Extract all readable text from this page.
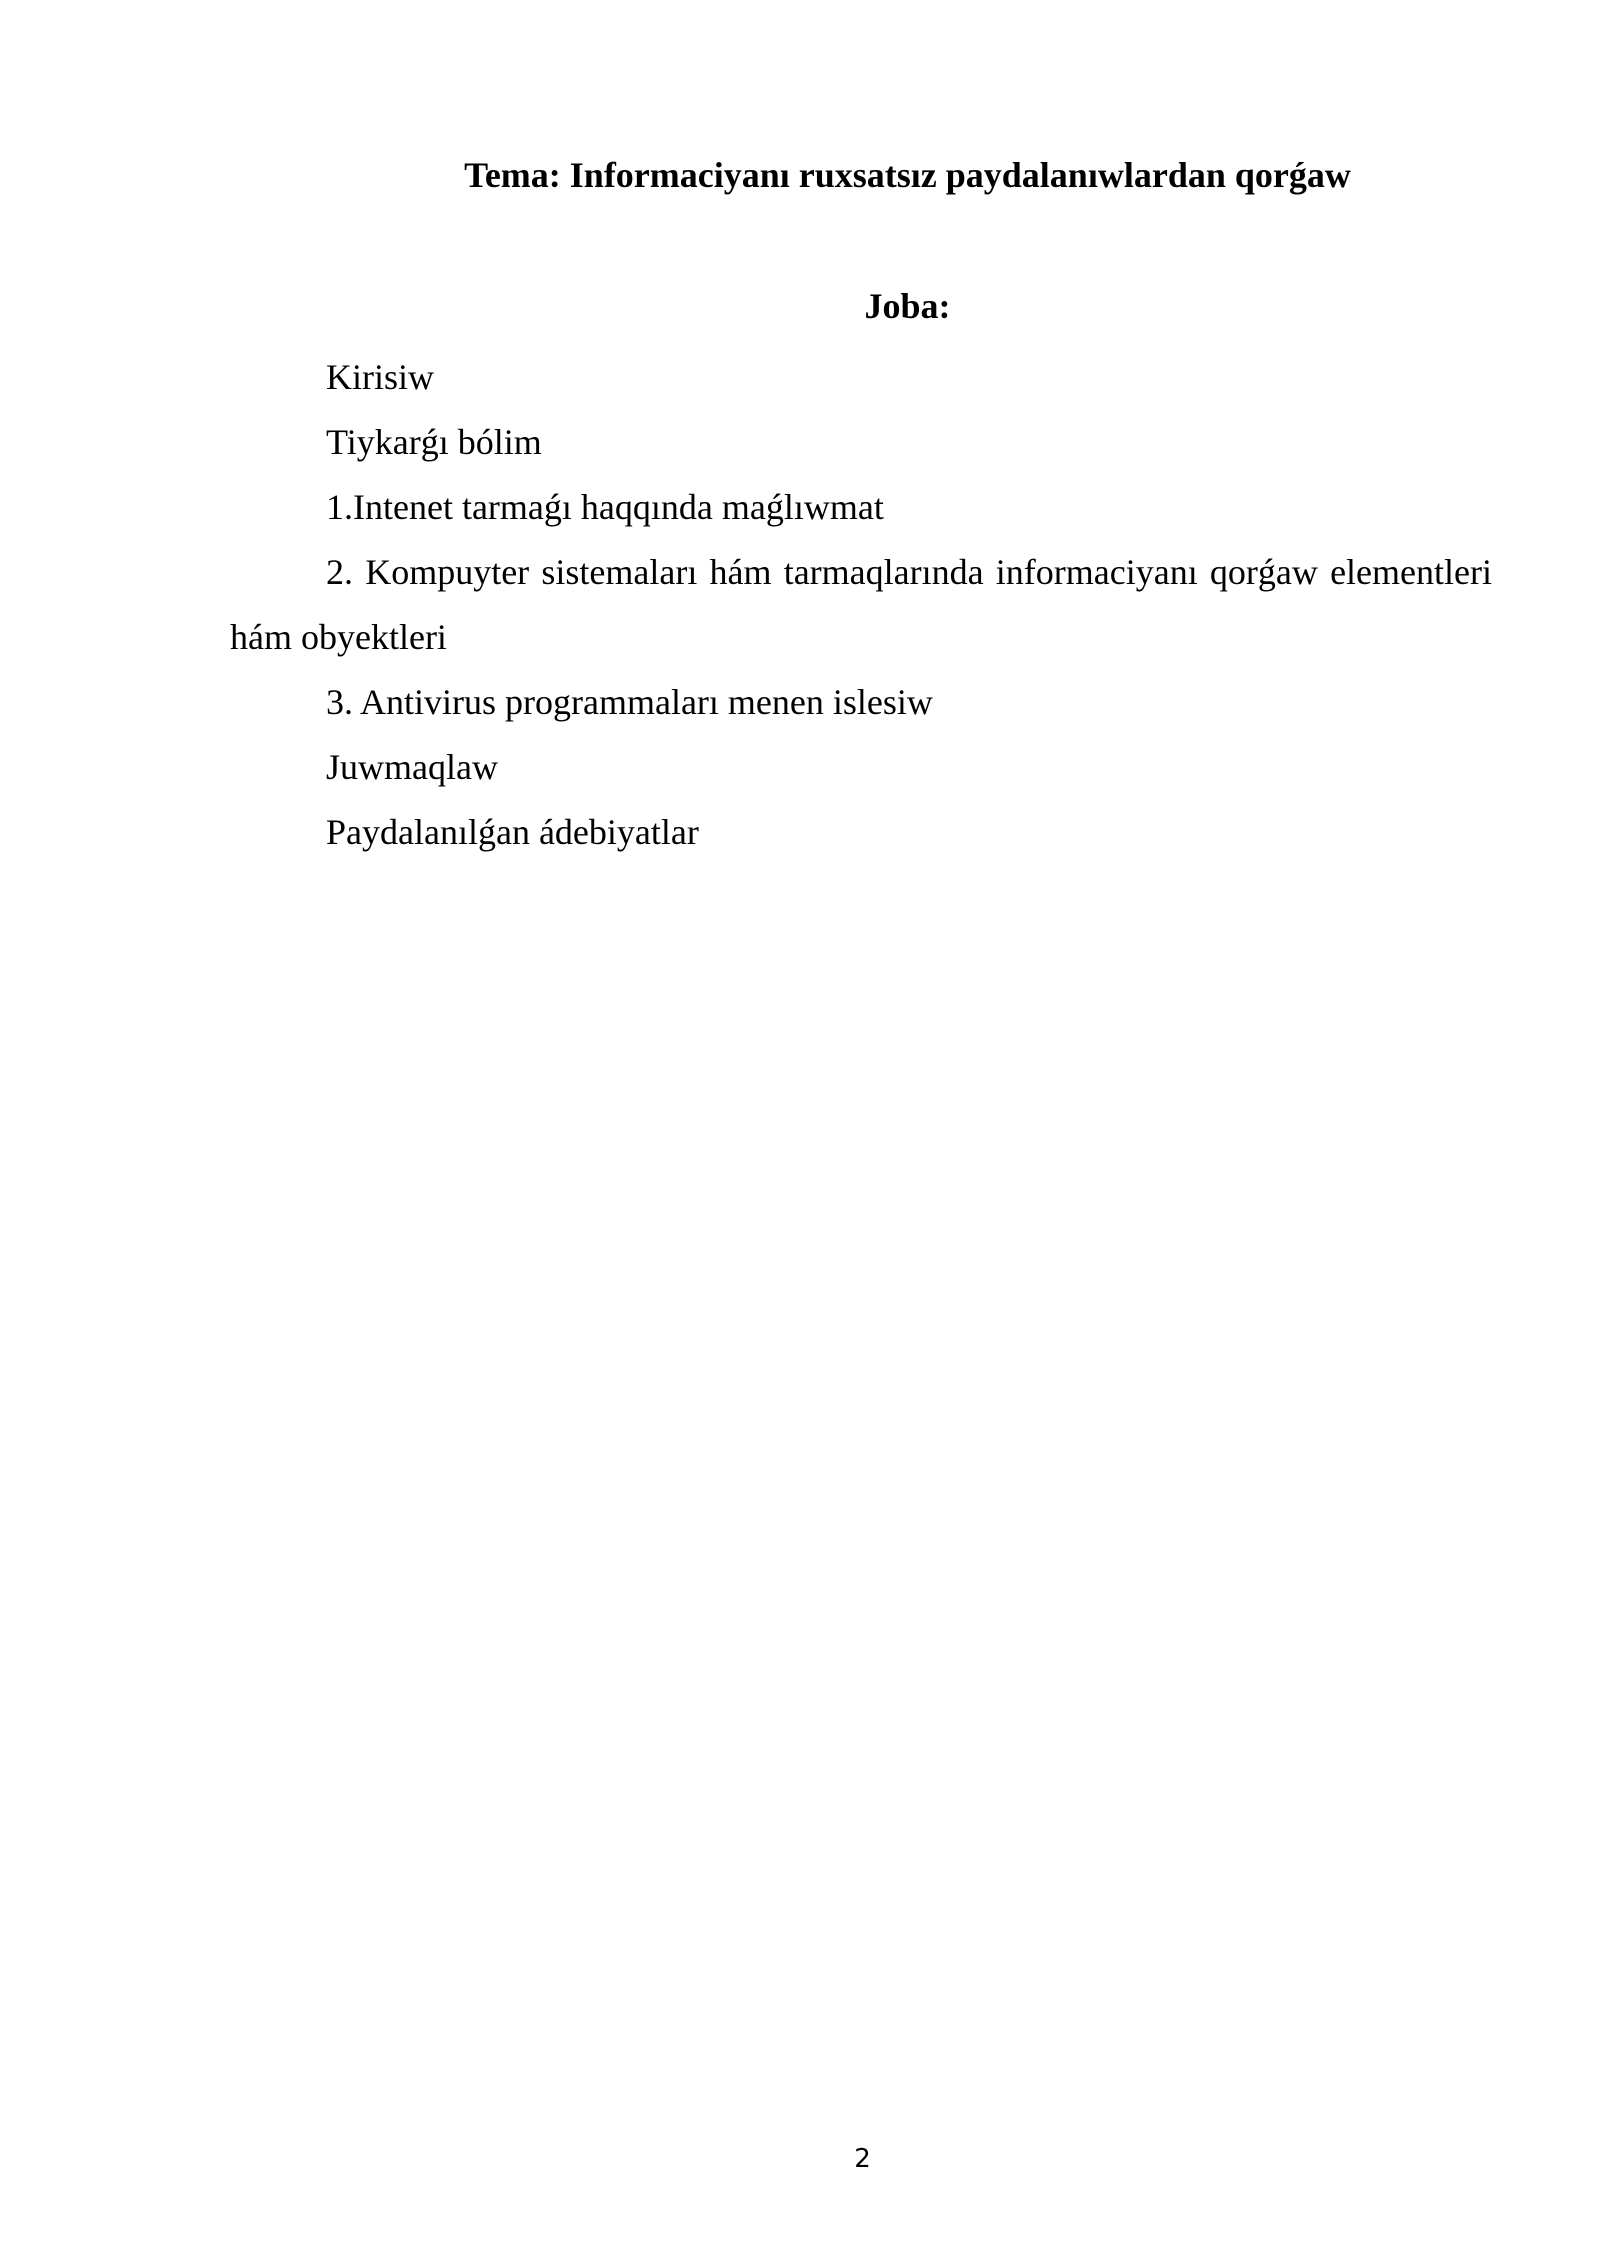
Tema: Informaciyanı ruxsatsız paydalanıwlardan qorǵaw
Joba:

Kirisiw

Tiykarǵı bólim

1.Intenet tarmaǵı haqqında maǵlıwmat

2. Kompuyter sistemaları hám tarmaqlarında informaciyanı qorǵaw elementleri hám obyektleri

3. Antivirus programmaları menen islesiw

Juwmaqlaw

Paydalanılǵan ádebiyatlar

2
